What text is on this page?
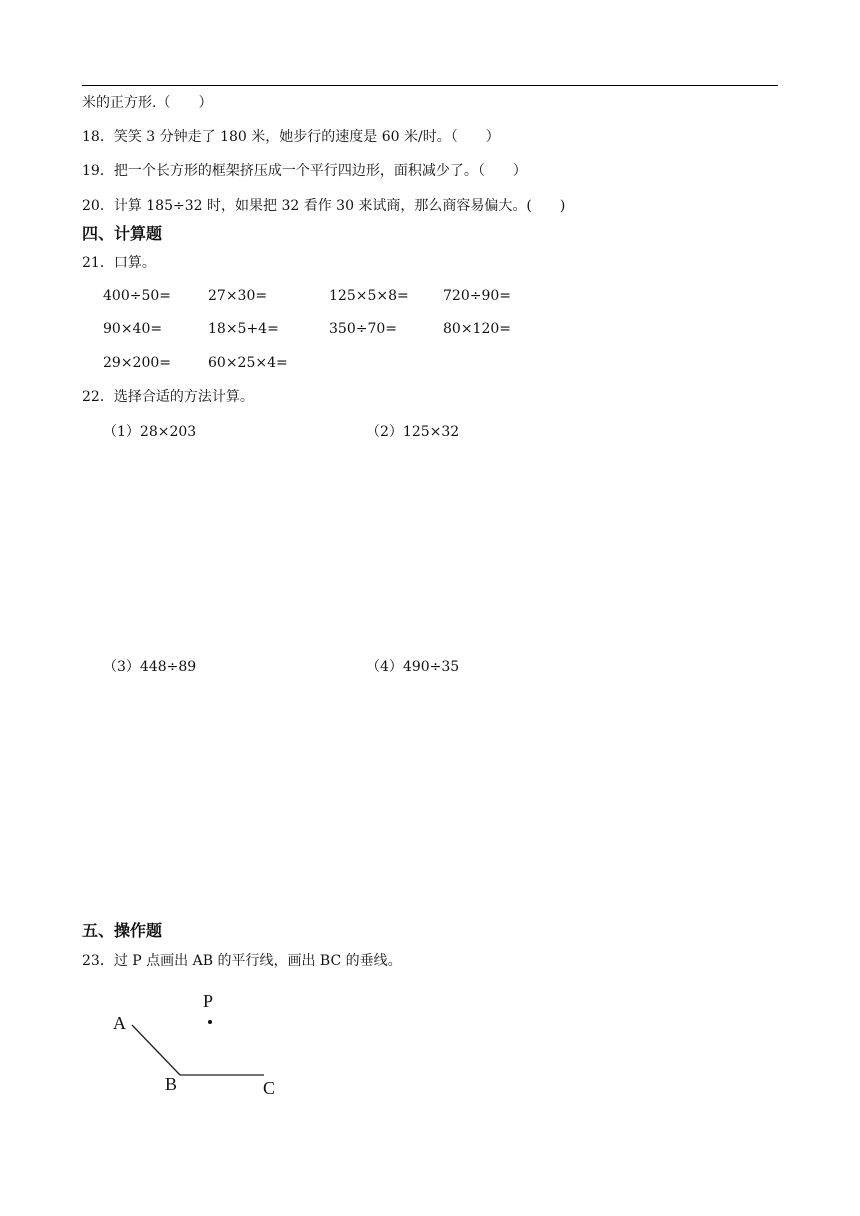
米的正方形.（　　）
18．笑笑 3 分钟走了 180 米，她步行的速度是 60 米/时。（　　）
19．把一个长方形的框架挤压成一个平行四边形，面积减少了。（　　）
20．计算 185÷32 时，如果把 32 看作 30 来试商，那么商容易偏大。(　　)
四、计算题
21．口算。
400÷50=	27×30=	125×5×8= 720÷90=
90×40=	18×5+4=	350÷70=	80×120=
29×200=	60×25×4=
22．选择合适的方法计算。
（1）28×203	（2）125×32
（3）448÷89	（4）490÷35
五、操作题
23．过 P 点画出 AB 的平行线，画出 BC 的垂线。
A
B	C
P
